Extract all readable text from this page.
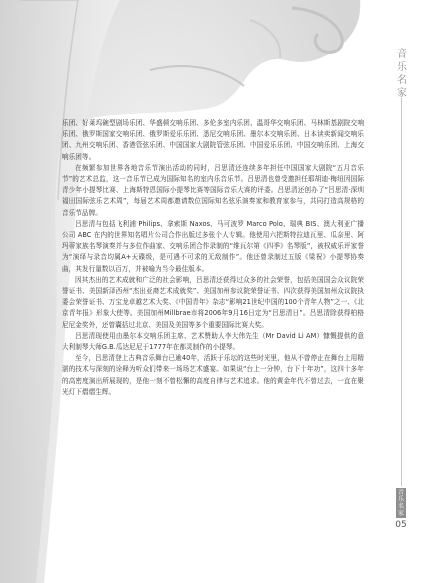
乐团、好莱坞碗型剧场乐团、华盛顿交响乐团、多伦多室内乐团、温哥华交响乐团、马林斯基剧院交响乐团、俄罗斯国家交响乐团、俄罗斯爱乐乐团、悉尼交响乐团、墨尔本交响乐团、日本读卖新闻交响乐团、九州交响乐团、香港管弦乐团、中国国家大剧院管弦乐团、中国爱乐乐团、中国交响乐团、上海交响乐团等。

在频繁参加世界各地音乐节演出活动的同时，吕思清还连续多年担任中国国家大剧院“五月音乐节”的艺术总监，这一音乐节已成为国际知名的室内乐音乐节。吕思清也曾受邀担任耶胡迪·梅纽因国际青少年小提琴比赛、上海斯特恩国际小提琴比赛等国际音乐大赛的评委。吕思清还创办了“吕思清·深圳福田国际弦乐艺术周”，每届艺术周都邀请数位国际知名弦乐演奏家和教育家参与，共同打造高规格的音乐节品牌。

吕思清与包括飞利浦 Philips、拿索斯 Naxos、马可波罗 Marco Polo、瑞典 BIS、澳大利亚广播公司 ABC 在内的世界知名唱片公司合作出版过多张个人专辑。他使用六把斯特拉迪瓦里、瓜奈里、阿玛蒂家族名琴演奏并与多位作曲家、交响乐团合作录制的“维瓦尔第《四季》名琴版”，被权威乐评家誉为“演绎与录音均属A+天碟级，是可遇不可求的无敌制作”。他还曾录制过五版《梁祝》小提琴协奏曲，其发行量数以百万，并被喻为当今最佳版本。

因其杰出的艺术成就和广泛的社会影响，吕思清还获得过众多的社会荣誉，包括美国国会众议院荣誉证书、美国新泽西州“杰出亚裔艺术成就奖”、美国加州参议院荣誉证书、四次获得美国加州众议院执委会荣誉证书、万宝龙卓越艺术大奖、《中国青年》杂志“影响21世纪中国的100个青年人物”之一、《北京青年报》形象大使等。美国加州Millbrae市将2006年9月16日定为“吕思清日”。吕思清除获得柏格尼尼金奖外，还曾囊括过北京、美国及美国等多个重要国际比赛大奖。

吕思清现使用由墨尔本交响乐团主席、艺术赞助人李大伟先生（Mr David Li AM）慷慨提供的意大利制琴大师G.B.瓜达尼尼于1777年在都灵制作的小提琴。

至今，吕思清登上古典音乐舞台已逾40年，活跃于乐坛的这些时光里，他从不曾停止在舞台上用精湛的技术与深刻的诠释为听众们带来一场场艺术盛宴。如果说“台上一分钟，台下十年功”，这四十多年的高密度演出所展现的，是他一刻不曾松懈的高度自律与艺术追求。他的黄金年代不曾过去，一直在聚光灯下熠熠生辉。

音乐名家
音乐名家
05
